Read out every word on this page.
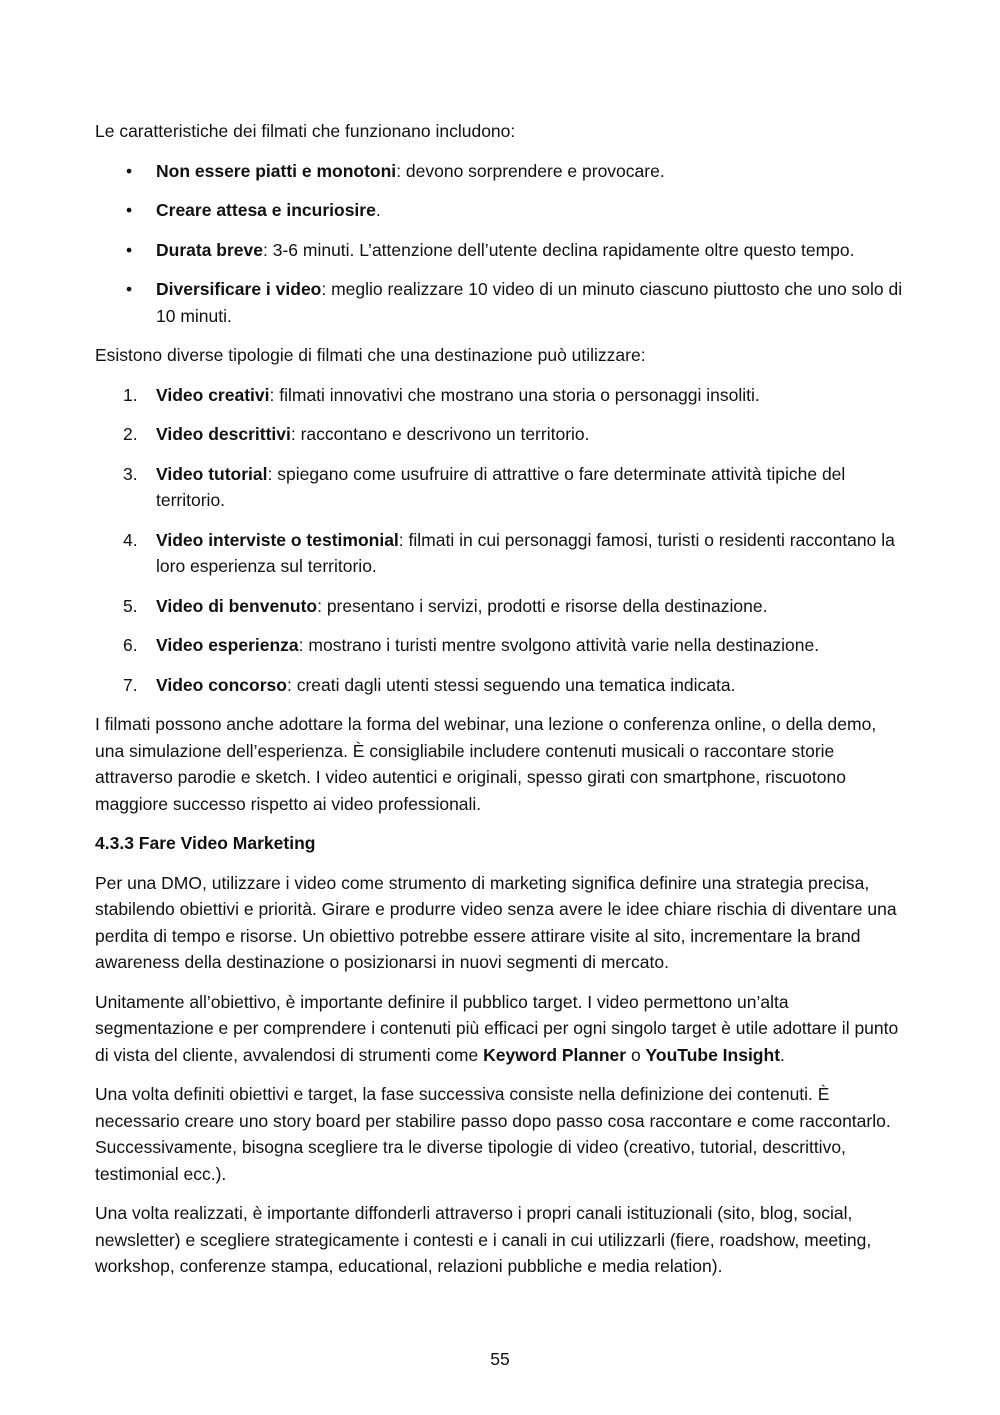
Le caratteristiche dei filmati che funzionano includono:

• Non essere piatti e monotoni: devono sorprendere e provocare.
• Creare attesa e incuriosire.
• Durata breve: 3-6 minuti. L’attenzione dell’utente declina rapidamente oltre questo tempo.
• Diversificare i video: meglio realizzare 10 video di un minuto ciascuno piuttosto che uno solo di 10 minuti.

Esistono diverse tipologie di filmati che una destinazione può utilizzare:

1. Video creativi: filmati innovativi che mostrano una storia o personaggi insoliti.
2. Video descrittivi: raccontano e descrivono un territorio.
3. Video tutorial: spiegano come usufruire di attrattive o fare determinate attività tipiche del territorio.
4. Video interviste o testimonial: filmati in cui personaggi famosi, turisti o residenti raccontano la loro esperienza sul territorio.
5. Video di benvenuto: presentano i servizi, prodotti e risorse della destinazione.
6. Video esperienza: mostrano i turisti mentre svolgono attività varie nella destinazione.
7. Video concorso: creati dagli utenti stessi seguendo una tematica indicata.

I filmati possono anche adottare la forma del webinar, una lezione o conferenza online, o della demo, una simulazione dell’esperienza. È consigliabile includere contenuti musicali o raccontare storie attraverso parodie e sketch. I video autentici e originali, spesso girati con smartphone, riscuotono maggiore successo rispetto ai video professionali.

4.3.3 Fare Video Marketing

Per una DMO, utilizzare i video come strumento di marketing significa definire una strategia precisa, stabilendo obiettivi e priorità. Girare e produrre video senza avere le idee chiare rischia di diventare una perdita di tempo e risorse. Un obiettivo potrebbe essere attirare visite al sito, incrementare la brand awareness della destinazione o posizionarsi in nuovi segmenti di mercato.

Unitamente all’obiettivo, è importante definire il pubblico target. I video permettono un’alta segmentazione e per comprendere i contenuti più efficaci per ogni singolo target è utile adottare il punto di vista del cliente, avvalendosi di strumenti come Keyword Planner o YouTube Insight.

Una volta definiti obiettivi e target, la fase successiva consiste nella definizione dei contenuti. È necessario creare uno story board per stabilire passo dopo passo cosa raccontare e come raccontarlo. Successivamente, bisogna scegliere tra le diverse tipologie di video (creativo, tutorial, descrittivo, testimonial ecc.).

Una volta realizzati, è importante diffonderli attraverso i propri canali istituzionali (sito, blog, social, newsletter) e scegliere strategicamente i contesti e i canali in cui utilizzarli (fiere, roadshow, meeting, workshop, conferenze stampa, educational, relazioni pubbliche e media relation).

55
